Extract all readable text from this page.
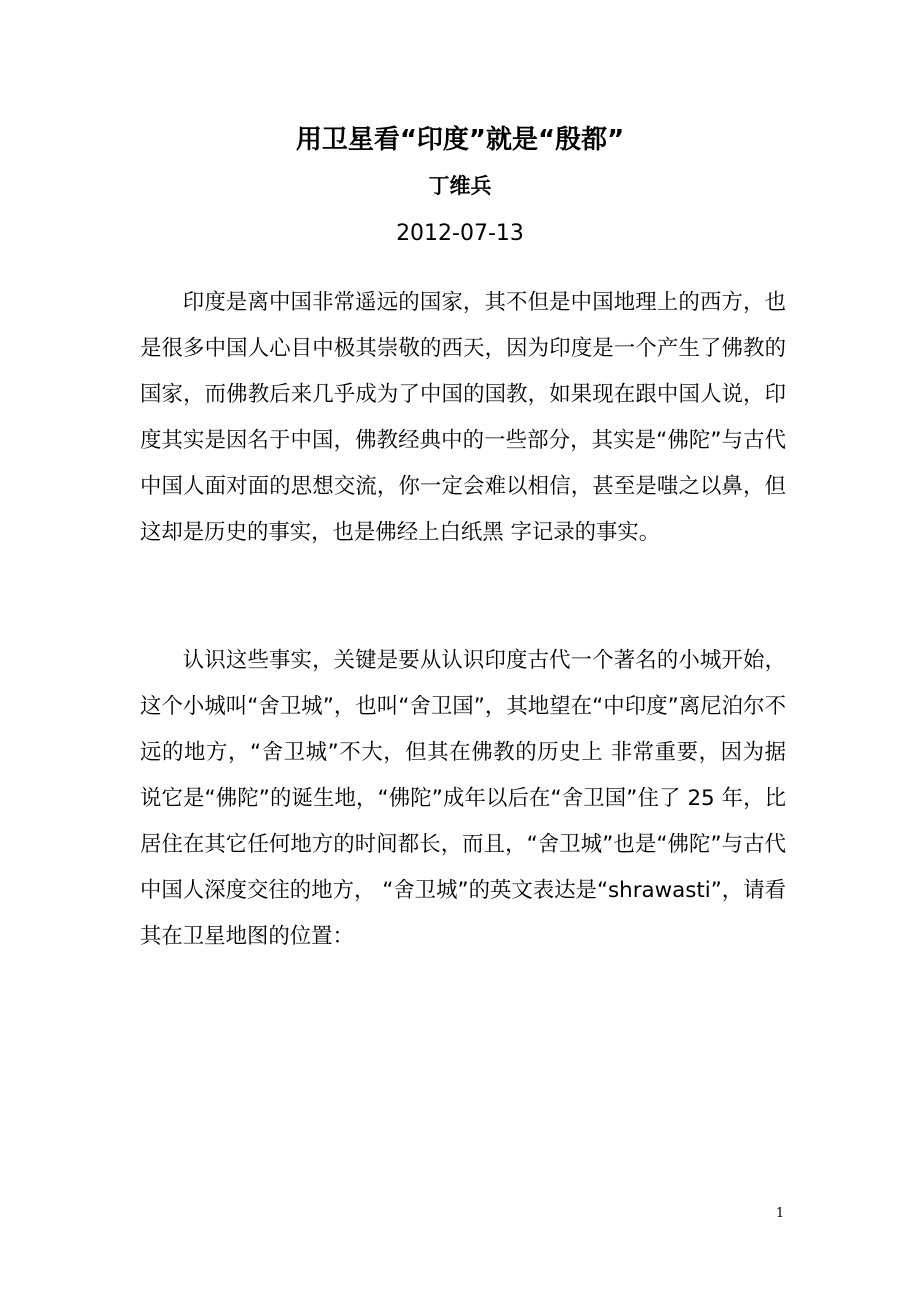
用卫星看“印度”就是“殷都”
丁维兵
2012-07-13

印度是离中国非常遥远的国家，其不但是中国地理上的西方，也是很多中国人心目中极其崇敬的西天，因为印度是一个产生了佛教的国家，而佛教后来几乎成为了中国的国教，如果现在跟中国人说，印度其实是因名于中国，佛教经典中的一些部分，其实是“佛陀”与古代中国人面对面的思想交流，你一定会难以相信，甚至是嗤之以鼻，但这却是历史的事实，也是佛经上白纸黑 字记录的事实。

认识这些事实，关键是要从认识印度古代一个著名的小城开始，这个小城叫“舍卫城”，也叫“舍卫国”，其地望在“中印度”离尼泊尔不远的地方，“舍卫城”不大，但其在佛教的历史上 非常重要，因为据说它是“佛陀”的诞生地，“佛陀”成年以后在“舍卫国”住了 25 年，比居住在其它任何地方的时间都长，而且，“舍卫城”也是“佛陀”与古代中国人深度交往的地方， “舍卫城”的英文表达是“shrawasti”，请看其在卫星地图的位置：

1
